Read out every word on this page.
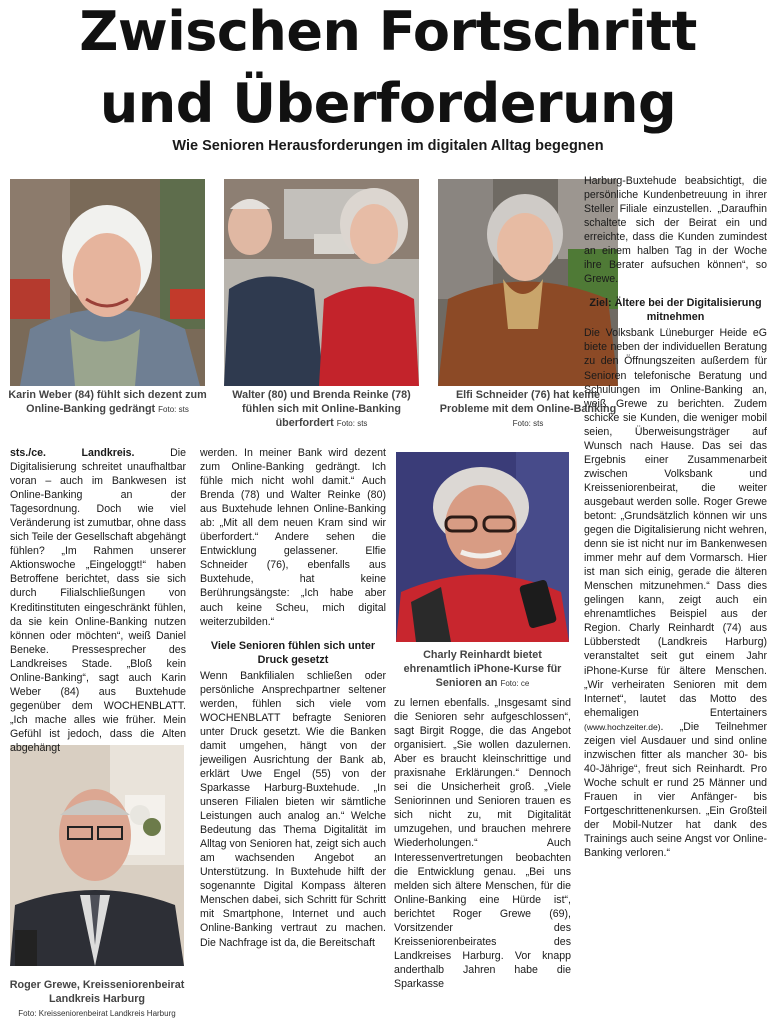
Zwischen Fortschritt
und Überforderung
Wie Senioren Herausforderungen im digitalen Alltag begegnen
Karin Weber (84) fühlt sich dezent zum Online-Banking gedrängt Foto: sts
Walter (80) und Brenda Reinke (78) fühlen sich mit Online-Banking überfordert Foto: sts
Elfi Schneider (76) hat keine Probleme mit dem Online-Banking Foto: sts
Charly Reinhardt bietet ehrenamtlich iPhone-Kurse für Senioren an Foto: ce
Roger Grewe, Kreisseniorenbeirat Landkreis Harburg
Foto: Kreisseniorenbeirat Landkreis Harburg

sts./ce. Landkreis.	Die Digitalisierung schreitet unaufhaltbar voran – auch im Bankwesen ist Online-Banking an der Tagesordnung. Doch wie viel Veränderung ist zumutbar, ohne dass sich Teile der Gesellschaft abgehängt fühlen? „Im Rahmen unserer Aktionswoche „Eingeloggt!“ haben Betroffene berichtet, dass sie sich durch Filialschließungen von Kreditinstituten eingeschränkt fühlen, da sie kein Online-Banking nutzen können oder möchten“, weiß Daniel Beneke. Pressesprecher des Landkreises Stade. „Bloß kein Online-Banking“, sagt auch Karin Weber (84) aus Buxtehude gegenüber dem WOCHENBLATT. „Ich mache alles wie früher. Mein Gefühl ist jedoch, dass die Alten abgehängt

werden. In meiner Bank wird dezent zum Online-Banking gedrängt. Ich fühle mich nicht wohl damit.“ Auch Brenda (78) und Walter Reinke (80) aus Buxtehude lehnen Online-Banking ab: „Mit all dem neuen Kram sind wir überfordert.“ Andere sehen die Entwicklung gelassener. Elfie Schneider (76), ebenfalls aus Buxtehude, hat keine Berührungsängste: „Ich habe aber auch keine Scheu, mich digital weiterzubilden.“

Viele Senioren fühlen sich unter Druck gesetzt

Wenn Bankfilialen schließen oder persönliche Ansprechpartner seltener werden, fühlen sich viele vom WOCHENBLATT befragte Senioren unter Druck gesetzt. Wie die Banken damit umgehen, hängt von der jeweiligen Ausrichtung der Bank ab, erklärt Uwe Engel (55) von der Sparkasse Harburg-Buxtehude. „In unseren Filialen bieten wir sämtliche Leistungen auch analog an.“ Welche Bedeutung das Thema Digitalität im Alltag von Senioren hat, zeigt sich auch am wachsenden Angebot an Unterstützung. In Buxtehude hilft der sogenannte Digital Kompass älteren Menschen dabei, sich Schritt für Schritt mit Smartphone, Internet und auch Online-Banking vertraut zu machen. Die Nachfrage ist da, die Bereitschaft

zu lernen ebenfalls. „Insgesamt sind die Senioren sehr aufgeschlossen“, sagt Birgit Rogge, die das Angebot organisiert. „Sie wollen dazulernen. Aber es braucht kleinschrittige und praxisnahe Erklärungen.“ Dennoch sei die Unsicherheit groß. „Viele Seniorinnen und Senioren trauen es sich nicht zu, mit Digitalität umzugehen, und brauchen mehrere Wiederholungen.“ Auch Interessenvertretungen beobachten die Entwicklung genau. „Bei uns melden sich ältere Menschen, für die Online-Banking eine Hürde ist“, berichtet Roger Grewe (69), Vorsitzender des Kreisseniorenbeirates des Landkreises Harburg. Vor knapp anderthalb Jahren habe die Sparkasse

Harburg-Buxtehude beabsichtigt, die persönliche Kundenbetreuung in ihrer Steller Filiale einzustellen. „Daraufhin schaltete sich der Beirat ein und erreichte, dass die Kunden zumindest an einem halben Tag in der Woche ihre Berater aufsuchen können“, so Grewe.

Ziel: Ältere bei der Digitalisierung mitnehmen

Die Volksbank Lüneburger Heide eG biete neben der individuellen Beratung zu den Öffnungszeiten außerdem für Senioren telefonische Beratung und Schulungen im Online-Banking an, weiß Grewe zu berichten. Zudem schicke sie Kunden, die weniger mobil seien, Überweisungsträger auf Wunsch nach Hause. Das sei das Ergebnis einer Zusammenarbeit zwischen Volksbank und Kreisseniorenbeirat, die weiter ausgebaut werden solle. Roger Grewe betont: „Grundsätzlich können wir uns gegen die Digitalisierung nicht wehren, denn sie ist nicht nur im Bankenwesen immer mehr auf dem Vormarsch. Hier ist man sich einig, gerade die älteren Menschen mitzunehmen.“ Dass dies gelingen kann, zeigt auch ein ehrenamtliches Beispiel aus der Region. Charly Reinhardt (74) aus Lübberstedt (Landkreis Harburg) veranstaltet seit gut einem Jahr iPhone-Kurse für ältere Menschen. „Wir verheiraten Senioren mit dem Internet“, lautet das Motto des ehemaligen Entertainers (www.hochzeiter.de). „Die Teilnehmer zeigen viel Ausdauer und sind online inzwischen fitter als mancher 30- bis 40-Jährige“, freut sich Reinhardt. Pro Woche schult er rund 25 Männer und Frauen in vier Anfänger- bis Fortgeschrittenenkursen. „Ein Großteil der Mobil-Nutzer hat dank des Trainings auch seine Angst vor Online-Banking verloren.“
